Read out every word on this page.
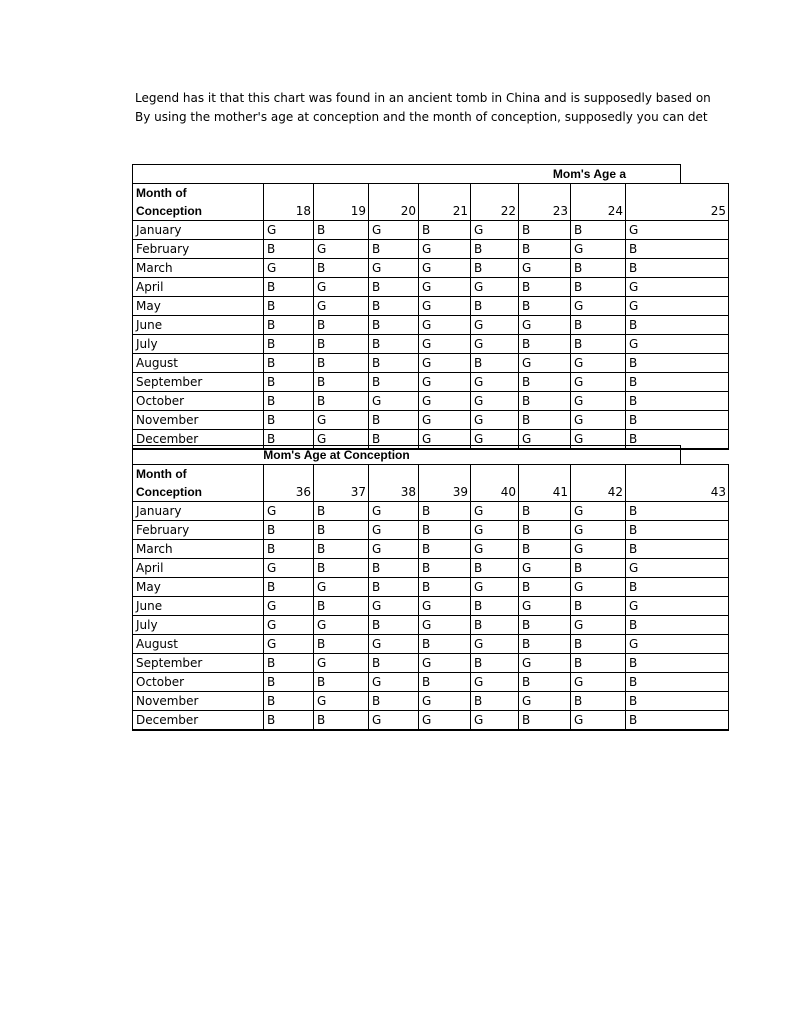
Legend has it that this chart was found in an ancient tomb in China and is supposedly based on
By using the mother's age at conception and the month of conception, supposedly you can det
Mom's Age a
Month of
Conception	18	19	20	21	22	23	24	25
January	G	B	G	B	G	B	B	G
February	B	G	B	G	B	B	G	B
March	G	B	G	G	B	G	B	B
April	B	G	B	G	G	B	B	G
May	B	G	B	G	B	B	G	G
June	B	B	B	G	G	G	B	B
July	B	B	B	G	G	B	B	G
August	B	B	B	G	B	G	G	B
September	B	B	B	G	G	B	G	B
October	B	B	G	G	G	B	G	B
November	B	G	B	G	G	B	G	B
December	B	G	B	G	G	G	G	B
Mom's Age at Conception
Month of
Conception	36	37	38	39	40	41	42	43
January	G	B	G	B	G	B	G	B
February	B	B	G	B	G	B	G	B
March	B	B	G	B	G	B	G	B
April	G	B	B	B	B	G	B	G
May	B	G	B	B	G	B	G	B
June	G	B	G	G	B	G	B	G
July	G	G	B	G	B	B	G	B
August	G	B	G	B	G	B	B	G
September	B	G	B	G	B	G	B	B
October	B	B	G	B	G	B	G	B
November	B	G	B	G	B	G	B	B
December	B	B	G	G	G	B	G	B
